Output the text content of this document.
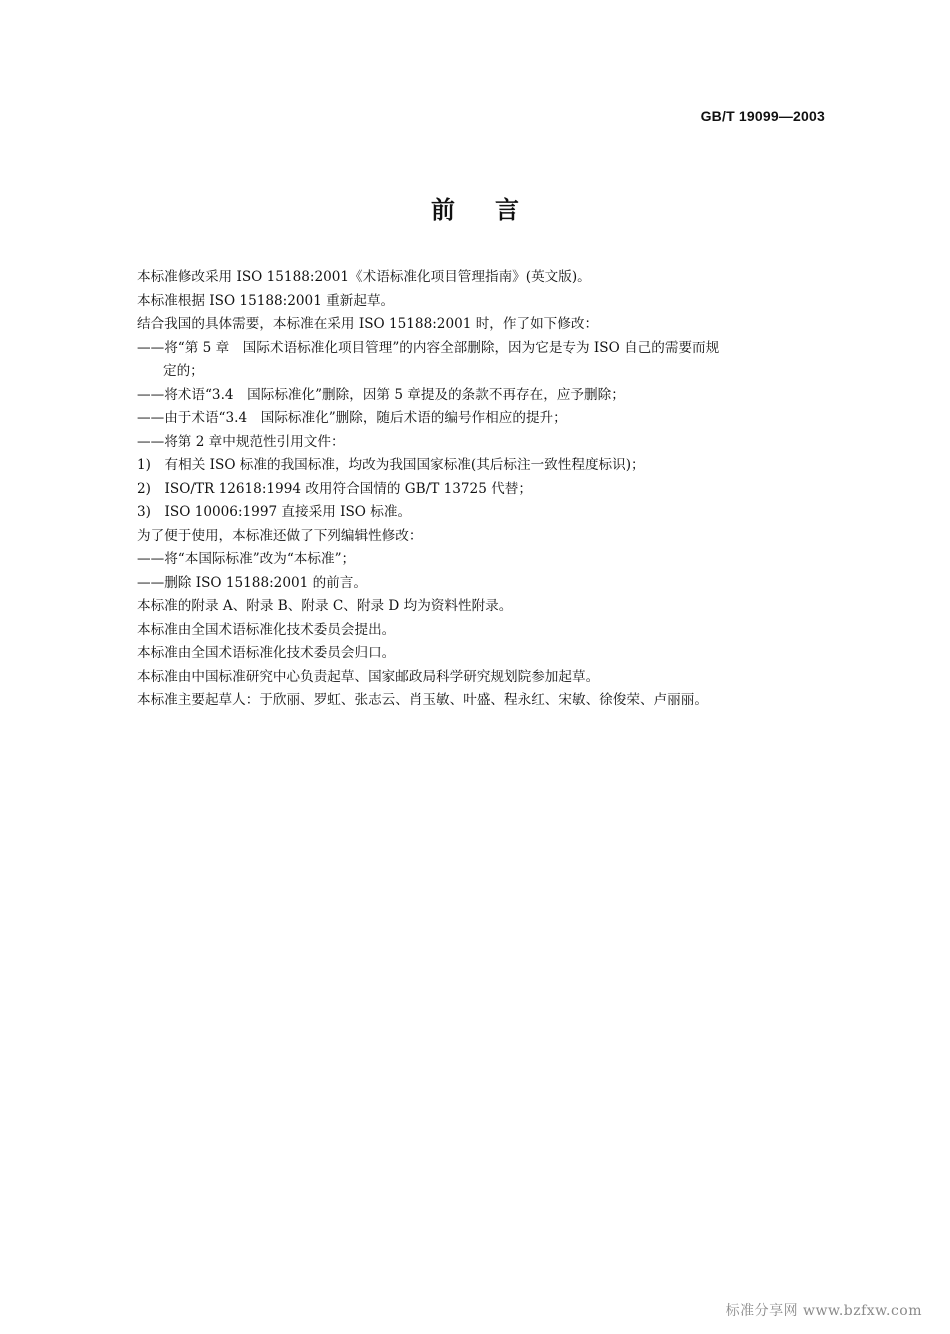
GB/T 19099—2003
前言
本标准修改采用 ISO 15188:2001《术语标准化项目管理指南》(英文版)。
本标准根据 ISO 15188:2001 重新起草。
结合我国的具体需要，本标准在采用 ISO 15188:2001 时，作了如下修改：
——将“第 5 章　国际术语标准化项目管理”的内容全部删除，因为它是专为 ISO 自己的需要而规
定的；
——将术语“3.4　国际标准化”删除，因第 5 章提及的条款不再存在，应予删除；
——由于术语“3.4　国际标准化”删除，随后术语的编号作相应的提升；
——将第 2 章中规范性引用文件：
1)　有相关 ISO 标准的我国标准，均改为我国国家标准(其后标注一致性程度标识)；
2)　ISO/TR 12618:1994 改用符合国情的 GB/T 13725 代替；
3)　ISO 10006:1997 直接采用 ISO 标准。
为了便于使用，本标准还做了下列编辑性修改：
——将“本国际标准”改为“本标准”；
——删除 ISO 15188:2001 的前言。
本标准的附录 A、附录 B、附录 C、附录 D 均为资料性附录。
本标准由全国术语标准化技术委员会提出。
本标准由全国术语标准化技术委员会归口。
本标准由中国标准研究中心负责起草、国家邮政局科学研究规划院参加起草。
本标准主要起草人：于欣丽、罗虹、张志云、肖玉敏、叶盛、程永红、宋敏、徐俊荣、卢丽丽。
标准分享网 www.bzfxw.com
